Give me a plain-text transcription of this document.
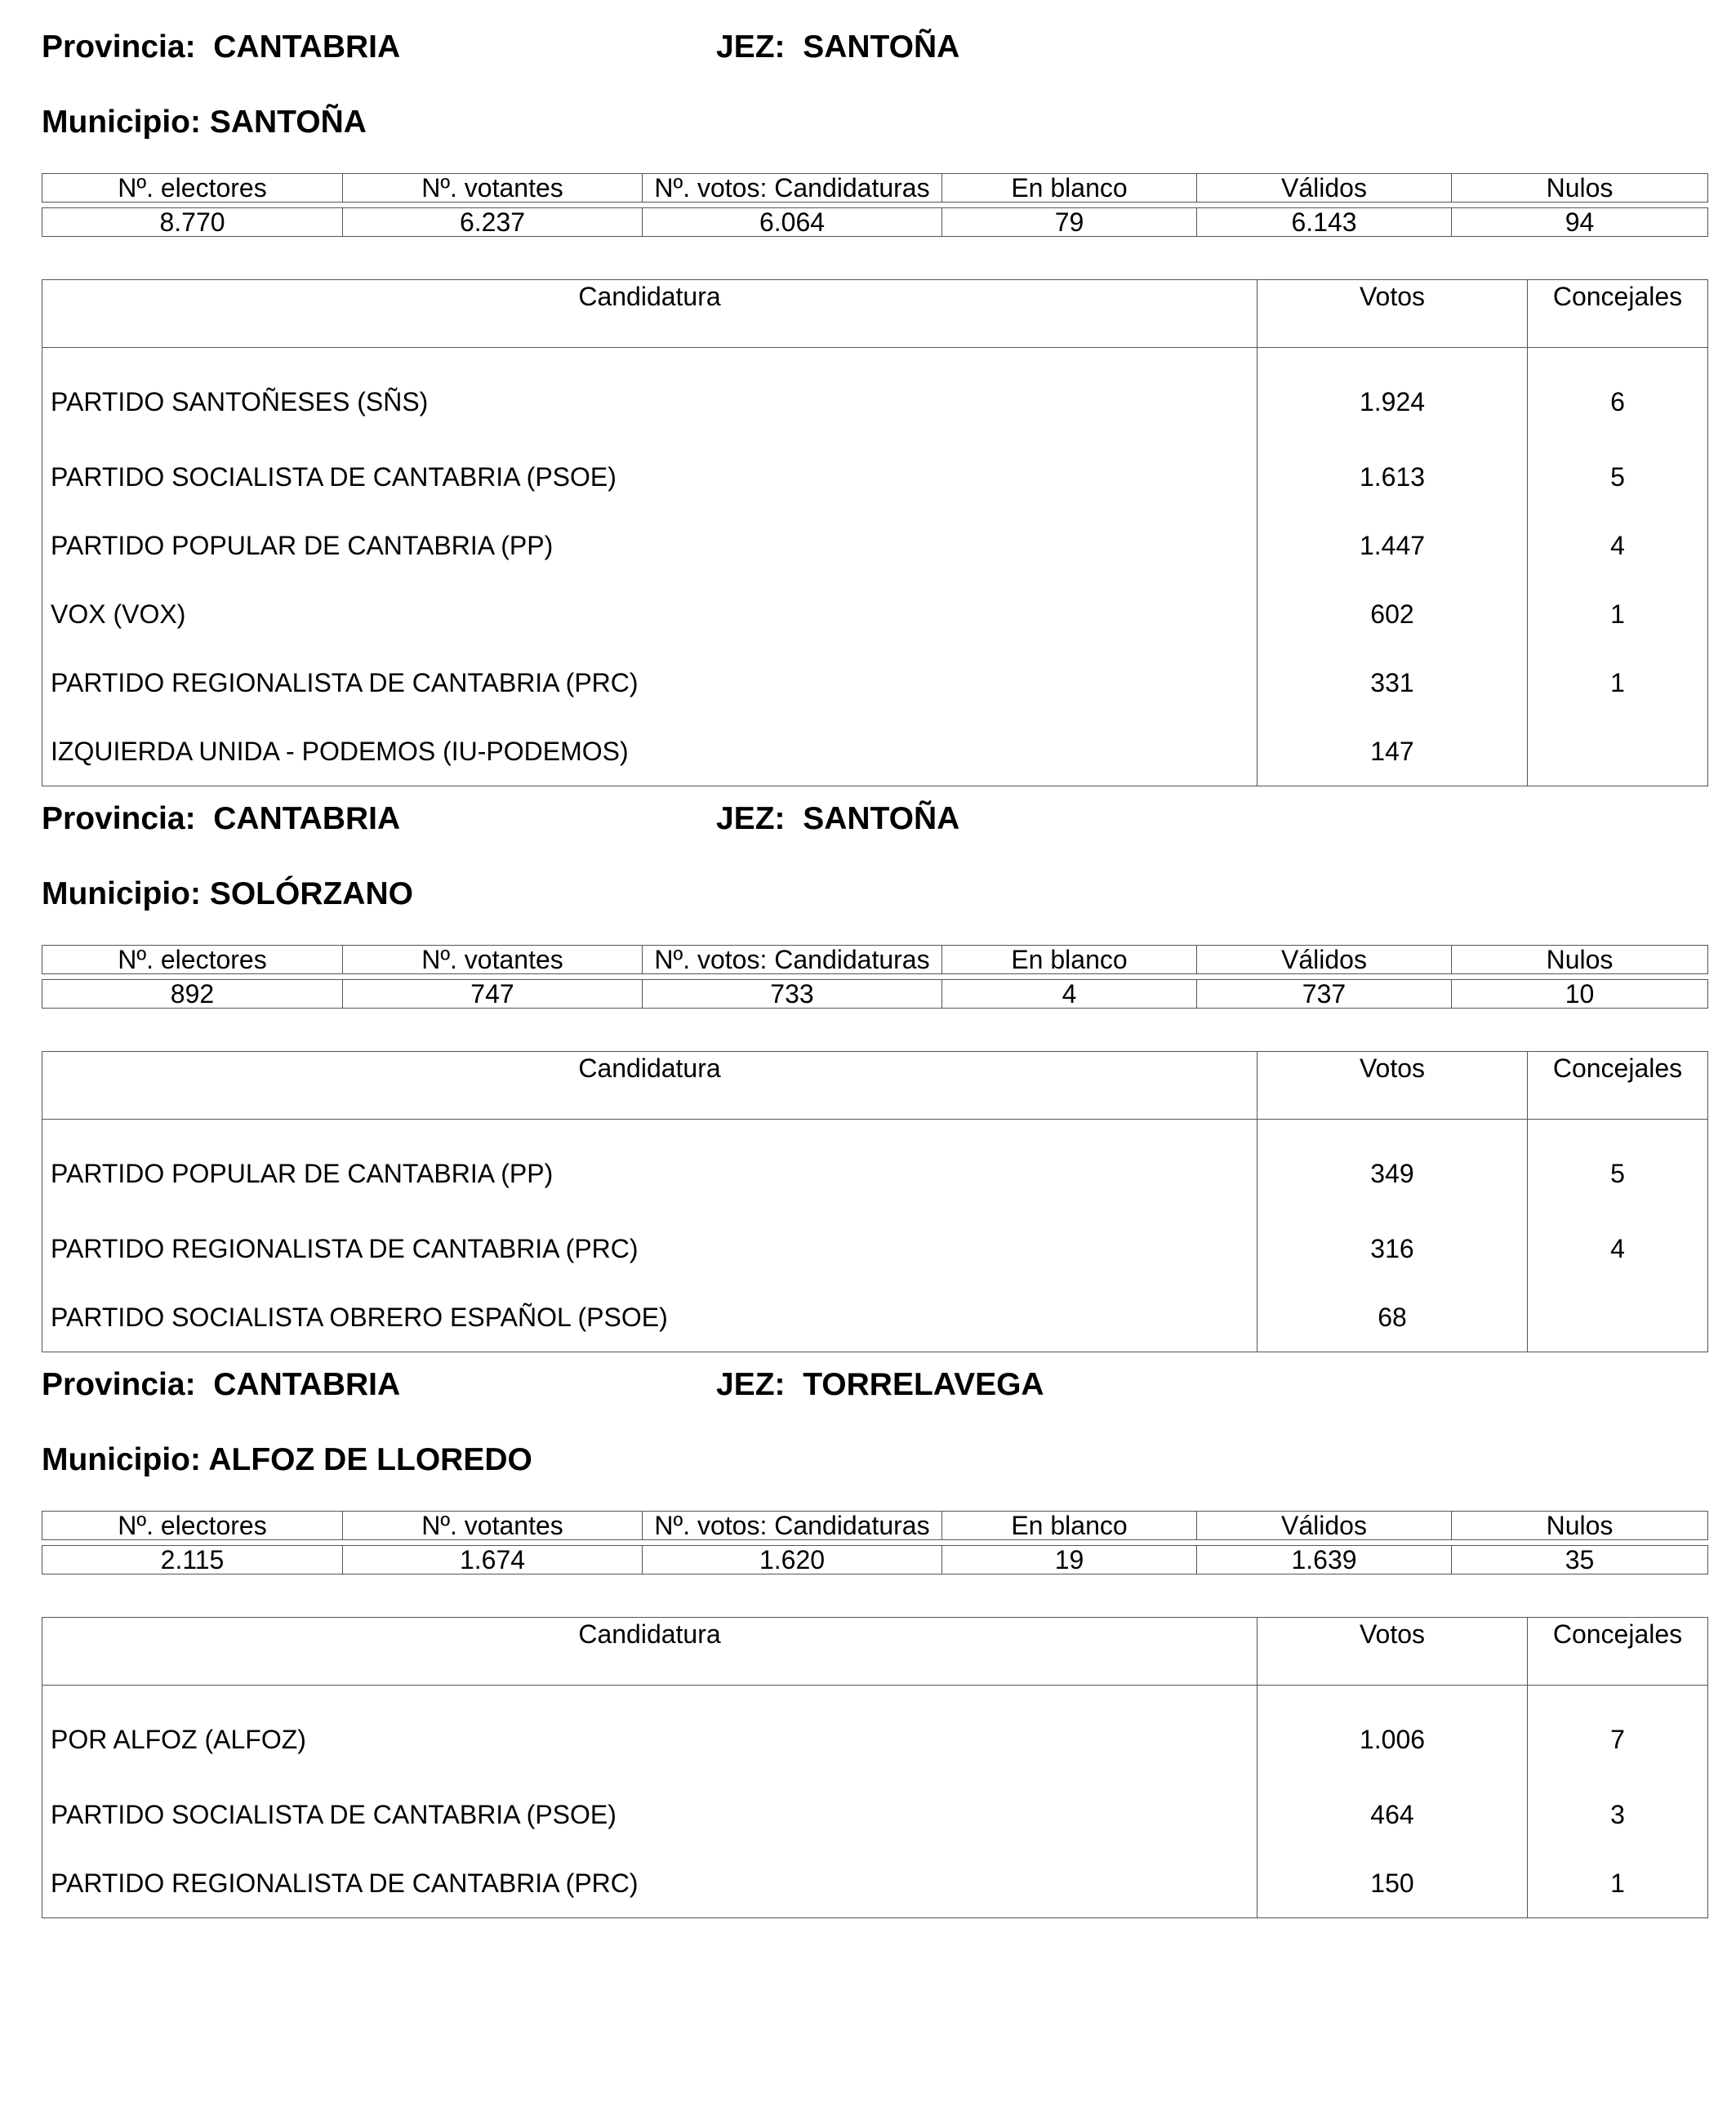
Provincia: CANTABRIA	JEZ: SANTOÑA
Municipio: SANTOÑA
Nº. electores	Nº. votantes	Nº. votos: Candidaturas	En blanco	Válidos	Nulos

8.770	6.237	6.064	79	6.143	94
Candidatura	Votos	Concejales
PARTIDO SANTOÑESES (SÑS)	1.924	6
PARTIDO SOCIALISTA DE CANTABRIA (PSOE)	1.613	5
PARTIDO POPULAR DE CANTABRIA (PP)	1.447	4
VOX (VOX)	602	1
PARTIDO REGIONALISTA DE CANTABRIA (PRC)	331	1
IZQUIERDA UNIDA - PODEMOS (IU-PODEMOS)	147	
Provincia: CANTABRIA	JEZ: SANTOÑA
Municipio: SOLÓRZANO
Nº. electores	Nº. votantes	Nº. votos: Candidaturas	En blanco	Válidos	Nulos

892	747	733	4	737	10
Candidatura	Votos	Concejales
PARTIDO POPULAR DE CANTABRIA (PP)	349	5
PARTIDO REGIONALISTA DE CANTABRIA (PRC)	316	4
PARTIDO SOCIALISTA OBRERO ESPAÑOL (PSOE)	68	
Provincia: CANTABRIA	JEZ: TORRELAVEGA
Municipio: ALFOZ DE LLOREDO
Nº. electores	Nº. votantes	Nº. votos: Candidaturas	En blanco	Válidos	Nulos

2.115	1.674	1.620	19	1.639	35
Candidatura	Votos	Concejales
POR ALFOZ (ALFOZ)	1.006	7
PARTIDO SOCIALISTA DE CANTABRIA (PSOE)	464	3
PARTIDO REGIONALISTA DE CANTABRIA (PRC)	150	1
